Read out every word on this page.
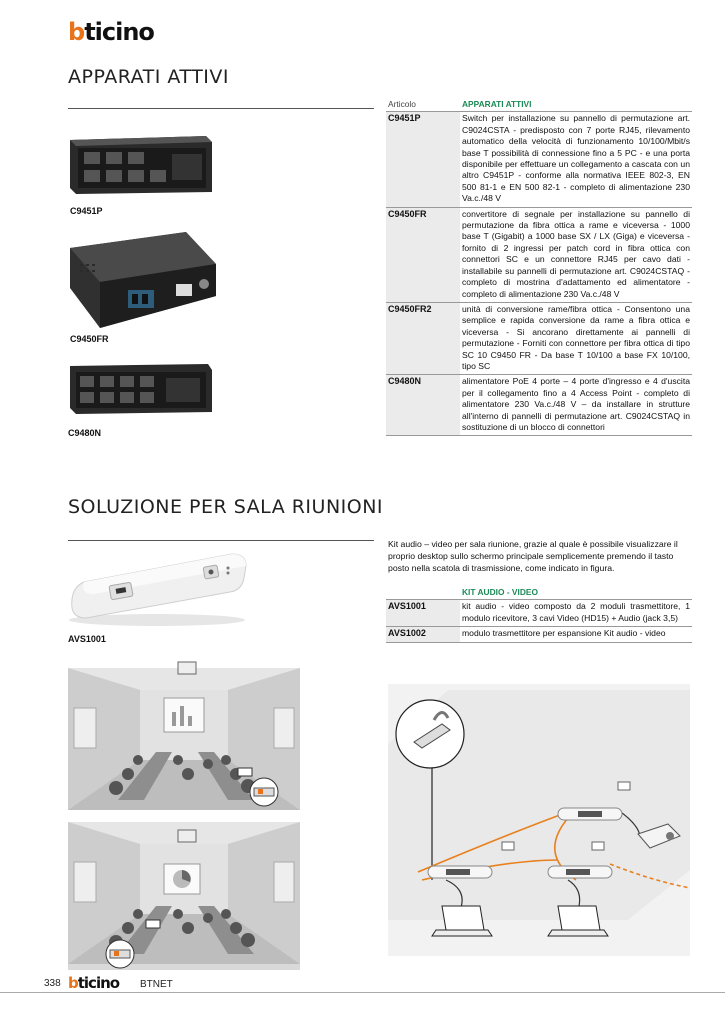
bticino
APPARATI ATTIVI
C9451P
C9450FR
C9480N
Articolo	APPARATI ATTIVI
C9451P	Switch per installazione su pannello di permutazione art. C9024CSTA - predisposto con 7 porte RJ45, rilevamento automatico della velocità di funzionamento 10/100/Mbit/s base T possibilità di connessione fino a 5 PC - e una porta disponibile per effettuare un collegamento a cascata con un altro C9451P - conforme alla normativa IEEE 802-3, EN 500 81-1 e EN 500 82-1 - completo di alimentazione 230 Va.c./48 V
C9450FR	convertitore di segnale per installazione su pannello di permutazione da fibra ottica a rame e viceversa - 1000 base T (Gigabit) a 1000 base SX / LX (Giga) e viceversa - fornito di 2 ingressi per patch cord in fibra ottica con connettori SC e un connettore RJ45 per cavo dati - installabile su pannelli di permutazione art. C9024CSTAQ - completo di mostrina d'adattamento ed alimentatore - completo di alimentazione 230 Va.c./48 V
C9450FR2	unità di conversione rame/fibra ottica - Consentono una semplice e rapida conversione da rame a fibra ottica e viceversa - Si ancorano direttamente ai pannelli di permutazione - Forniti con connettore per fibra ottica di tipo SC 10 C9450 FR - Da base T 10/100 a base FX 10/100, tipo SC
C9480N	alimentatore PoE 4 porte – 4 porte d'ingresso e 4 d'uscita per il collegamento fino a 4 Access Point - completo di alimentatore 230 Va.c./48 V – da installare in strutture all'interno di pannelli di permutazione art. C9024CSTAQ in sostituzione di un blocco di connettori
SOLUZIONE PER SALA RIUNIONI
AVS1001
Kit audio – video per sala riunione, grazie al quale è possibile visualizzare il proprio desktop sullo schermo principale semplicemente premendo il tasto posto nella scatola di trasmissione, come indicato in figura.
	KIT AUDIO - VIDEO
AVS1001	kit audio - video composto da 2 moduli trasmettitore, 1 modulo ricevitore, 3 cavi Video (HD15) + Audio (jack 3,5)
AVS1002	modulo trasmettitore per espansione Kit audio - video
338 bticino BTNET
